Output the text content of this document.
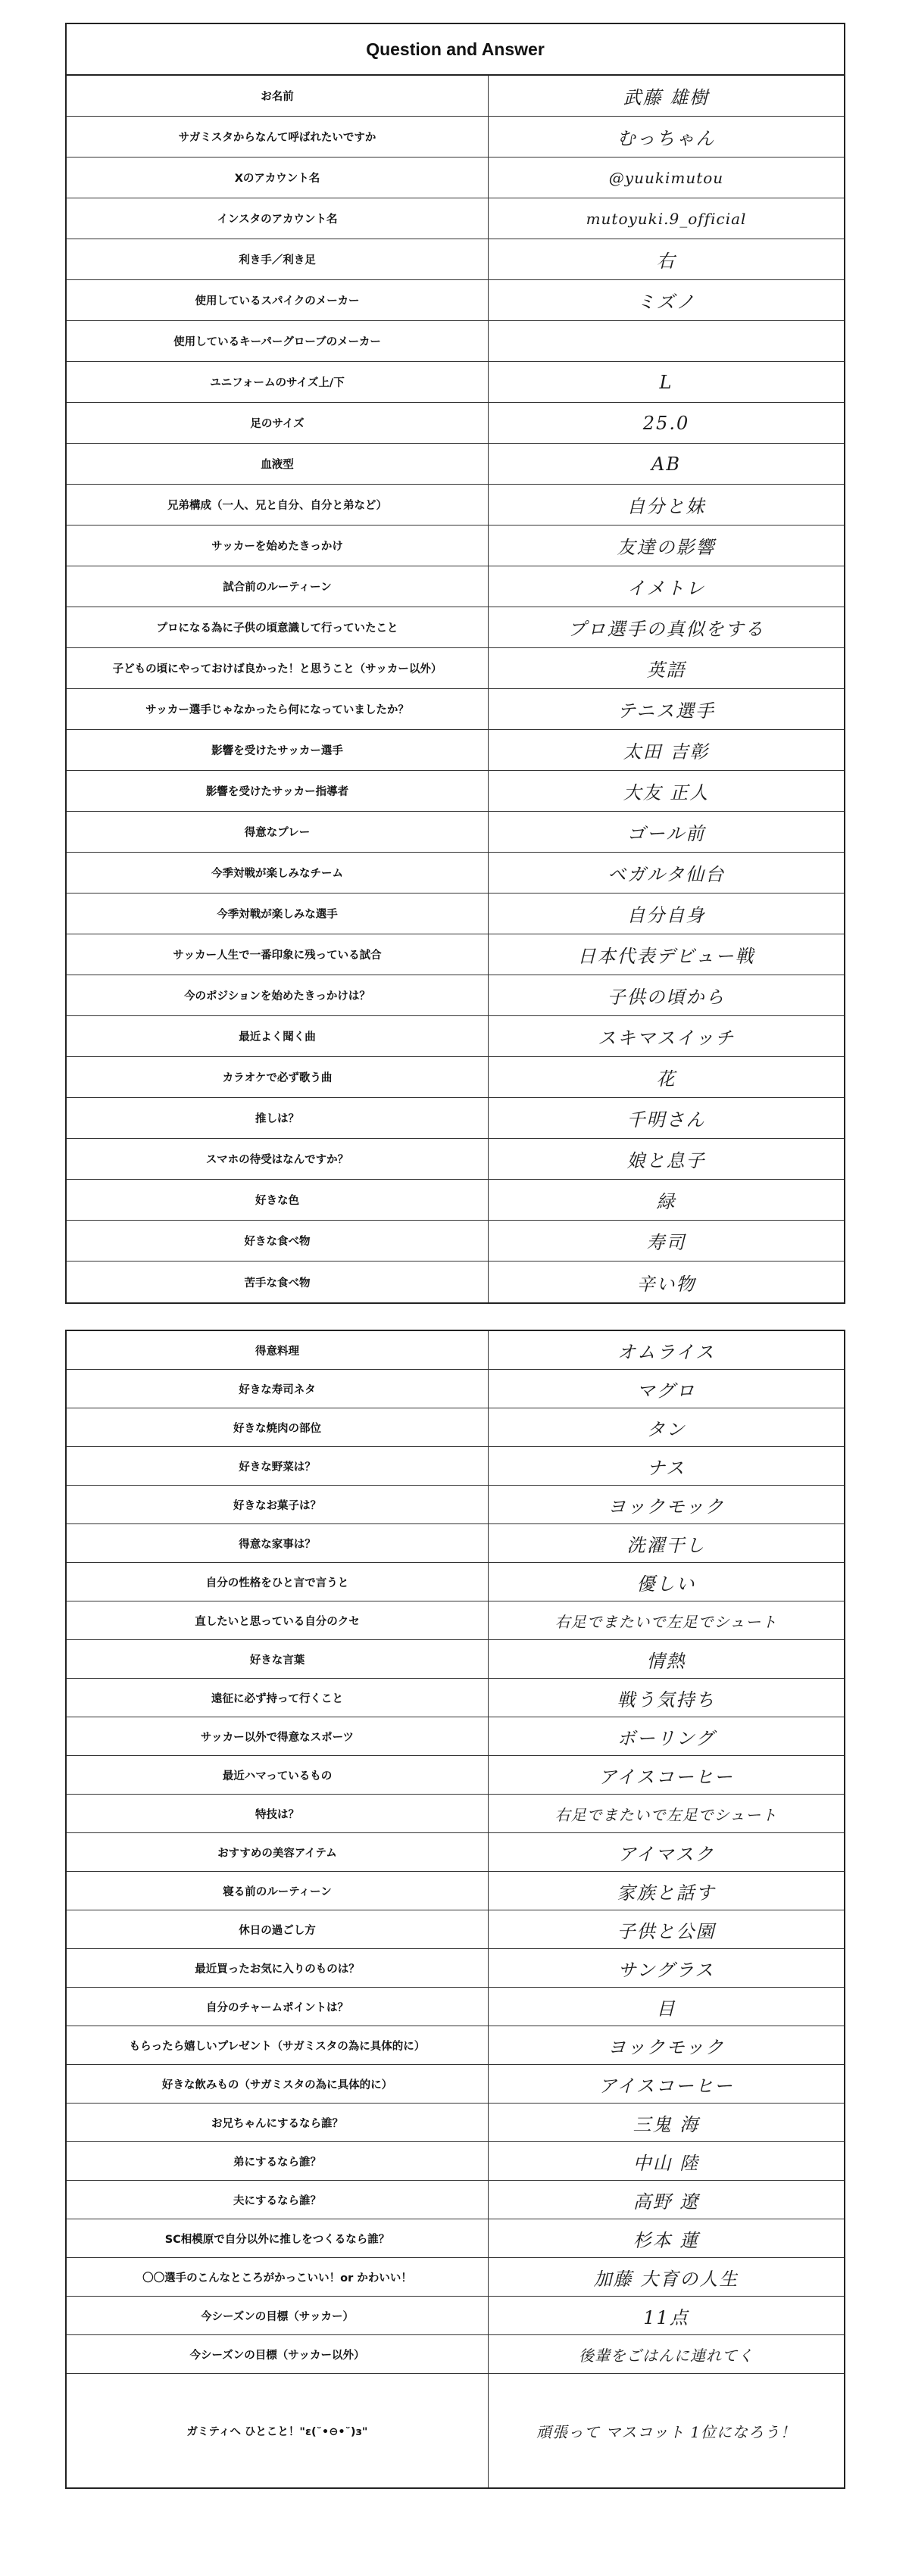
Question and Answer
お名前	武藤 雄樹
サガミスタからなんて呼ばれたいですか	むっちゃん
Xのアカウント名	@yuukimutou
インスタのアカウント名	mutoyuki.9_official
利き手／利き足	右
使用しているスパイクのメーカー	ミズノ
使用しているキーパーグローブのメーカー
ユニフォームのサイズ上/下	L
足のサイズ	25.0
血液型	AB
兄弟構成（一人、兄と自分、自分と弟など）	自分と妹
サッカーを始めたきっかけ	友達の影響
試合前のルーティーン	イメトレ
プロになる為に子供の頃意識して行っていたこと	プロ選手の真似をする
子どもの頃にやっておけば良かった！と思うこと（サッカー以外）	英語
サッカー選手じゃなかったら何になっていましたか？	テニス選手
影響を受けたサッカー選手	太田 吉彰
影響を受けたサッカー指導者	大友 正人
得意なプレー	ゴール前
今季対戦が楽しみなチーム	ベガルタ仙台
今季対戦が楽しみな選手	自分自身
サッカー人生で一番印象に残っている試合	日本代表デビュー戦
今のポジションを始めたきっかけは？	子供の頃から
最近よく聞く曲	スキマスイッチ
カラオケで必ず歌う曲	花
推しは？	千明さん
スマホの待受はなんですか？	娘と息子
好きな色	緑
好きな食べ物	寿司
苦手な食べ物	辛い物
得意料理	オムライス
好きな寿司ネタ	マグロ
好きな焼肉の部位	タン
好きな野菜は？	ナス
好きなお菓子は？	ヨックモック
得意な家事は？	洗濯干し
自分の性格をひと言で言うと	優しい
直したいと思っている自分のクセ	右足でまたいで左足でシュート
好きな言葉	情熱
遠征に必ず持って行くこと	戦う気持ち
サッカー以外で得意なスポーツ	ボーリング
最近ハマっているもの	アイスコーヒー
特技は？	右足でまたいで左足でシュート
おすすめの美容アイテム	アイマスク
寝る前のルーティーン	家族と話す
休日の過ごし方	子供と公園
最近買ったお気に入りのものは？	サングラス
自分のチャームポイントは？	目
もらったら嬉しいプレゼント（サガミスタの為に具体的に）	ヨックモック
好きな飲みもの（サガミスタの為に具体的に）	アイスコーヒー
お兄ちゃんにするなら誰？	三鬼 海
弟にするなら誰？	中山 陸
夫にするなら誰？	高野 遼
SC相模原で自分以外に推しをつくるなら誰？	杉本 蓮
〇〇選手のこんなところがかっこいい！or かわいい！	加藤 大育の人生
今シーズンの目標（サッカー）	11点
今シーズンの目標（サッカー以外）	後輩をごはんに連れてく
ガミティへ ひとこと！"ε(˘•⊖•˘)з"	頑張って マスコット 1位になろう！
